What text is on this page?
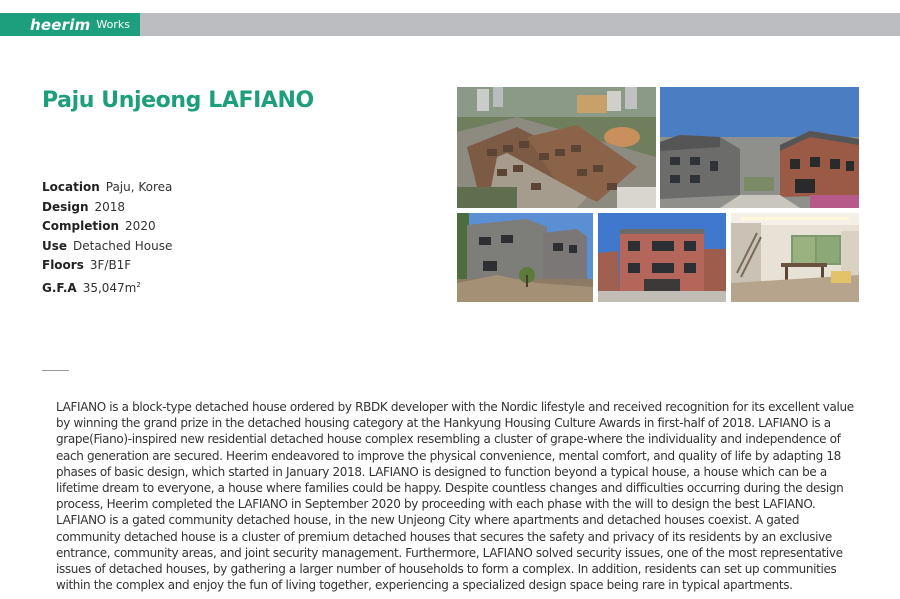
heerim Works
Paju Unjeong LAFIANO
Location Paju, Korea
Design 2018
Completion 2020
Use Detached House
Floors 3F/B1F
G.F.A $35,047m^2$

LAFIANO is a block-type detached house ordered by RBDK developer with the Nordic lifestyle and received recognition for its excellent value by winning the grand prize in the detached housing category at the Hankyung Housing Culture Awards in first-half of 2018. LAFIANO is a grape(Fiano)-inspired new residential detached house complex resembling a cluster of grape-where the individuality and independence of each generation are secured. Heerim endeavored to improve the physical convenience, mental comfort, and quality of life by adapting 18 phases of basic design, which started in January 2018. LAFIANO is designed to function beyond a typical house, a house which can be a lifetime dream to everyone, a house where families could be happy. Despite countless changes and difficulties occurring during the design process, Heerim completed the LAFIANO in September 2020 by proceeding with each phase with the will to design the best LAFIANO. LAFIANO is a gated community detached house, in the new Unjeong City where apartments and detached houses coexist. A gated community detached house is a cluster of premium detached houses that secures the safety and privacy of its residents by an exclusive entrance, community areas, and joint security management. Furthermore, LAFIANO solved security issues, one of the most representative issues of detached houses, by gathering a larger number of households to form a complex. In addition, residents can set up communities within the complex and enjoy the fun of living together, experiencing a specialized design space being rare in typical apartments.
